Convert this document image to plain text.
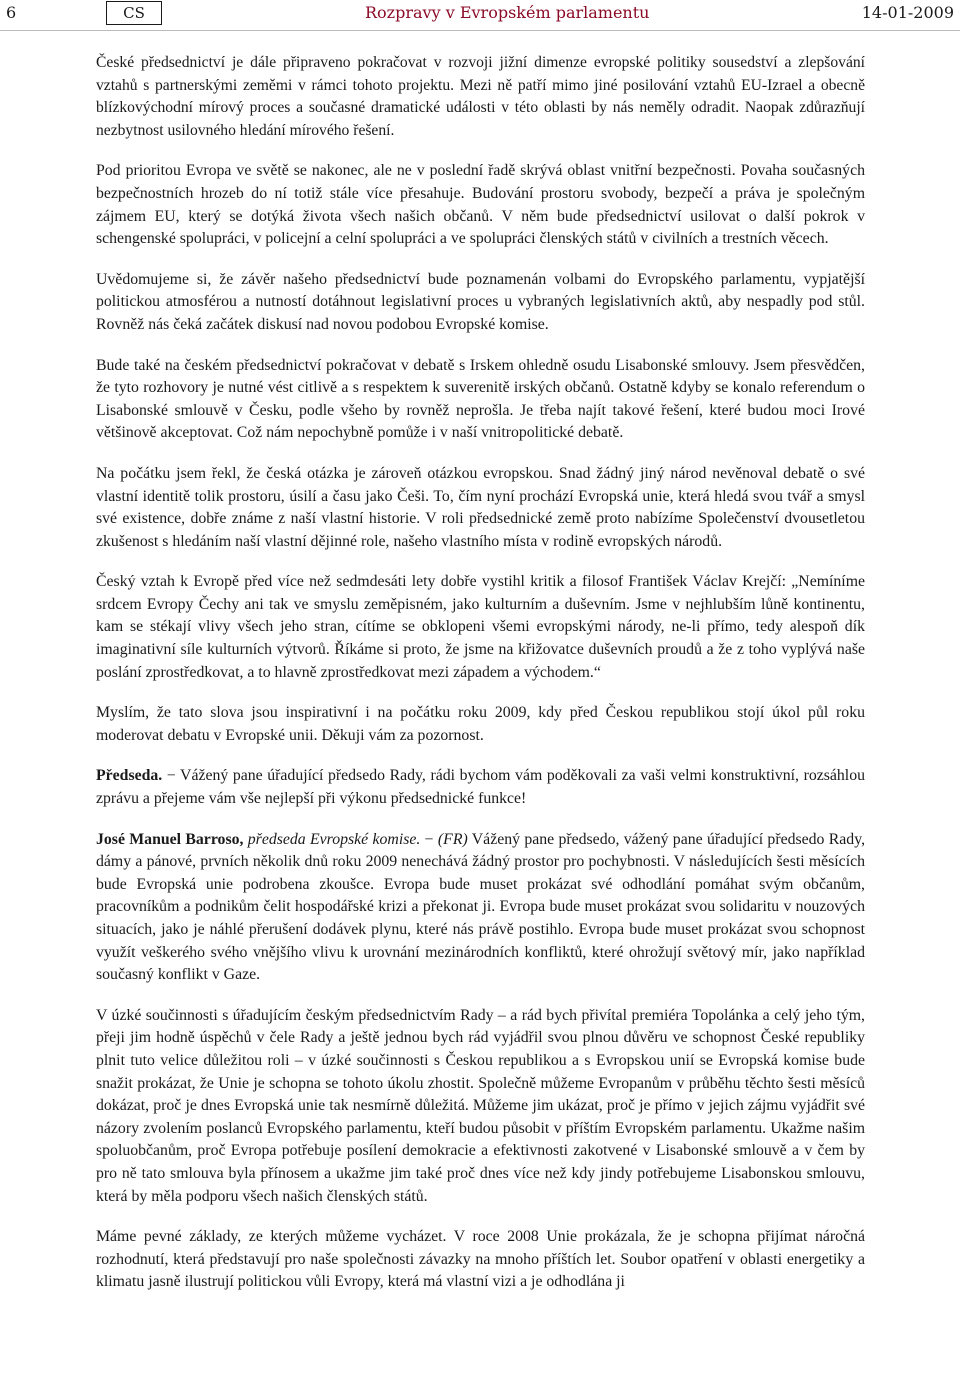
6	CS	Rozpravy v Evropském parlamentu	14-01-2009

České předsednictví je dále připraveno pokračovat v rozvoji jižní dimenze evropské politiky sousedství a zlepšování vztahů s partnerskými zeměmi v rámci tohoto projektu. Mezi ně patří mimo jiné posilování vztahů EU-Izrael a obecně blízkovýchodní mírový proces a současné dramatické události v této oblasti by nás neměly odradit. Naopak zdůrazňují nezbytnost usilovného hledání mírového řešení.

Pod prioritou Evropa ve světě se nakonec, ale ne v poslední řadě skrývá oblast vnitřní bezpečnosti. Povaha současných bezpečnostních hrozeb do ní totiž stále více přesahuje. Budování prostoru svobody, bezpečí a práva je společným zájmem EU, který se dotýká života všech našich občanů. V něm bude předsednictví usilovat o další pokrok v schengenské spolupráci, v policejní a celní spolupráci a ve spolupráci členských států v civilních a trestních věcech.

Uvědomujeme si, že závěr našeho předsednictví bude poznamenán volbami do Evropského parlamentu, vypjatější politickou atmosférou a nutností dotáhnout legislativní proces u vybraných legislativních aktů, aby nespadly pod stůl. Rovněž nás čeká začátek diskusí nad novou podobou Evropské komise.

Bude také na českém předsednictví pokračovat v debatě s Irskem ohledně osudu Lisabonské smlouvy. Jsem přesvědčen, že tyto rozhovory je nutné vést citlivě a s respektem k suverenitě irských občanů. Ostatně kdyby se konalo referendum o Lisabonské smlouvě v Česku, podle všeho by rovněž neprošla. Je třeba najít takové řešení, které budou moci Irové většinově akceptovat. Což nám nepochybně pomůže i v naší vnitropolitické debatě.

Na počátku jsem řekl, že česká otázka je zároveň otázkou evropskou. Snad žádný jiný národ nevěnoval debatě o své vlastní identitě tolik prostoru, úsilí a času jako Češi. To, čím nyní prochází Evropská unie, která hledá svou tvář a smysl své existence, dobře známe z naší vlastní historie. V roli předsednické země proto nabízíme Společenství dvousetletou zkušenost s hledáním naší vlastní dějinné role, našeho vlastního místa v rodině evropských národů.

Český vztah k Evropě před více než sedmdesáti lety dobře vystihl kritik a filosof František Václav Krejčí: „Nemíníme srdcem Evropy Čechy ani tak ve smyslu zeměpisném, jako kulturním a duševním. Jsme v nejhlubším lůně kontinentu, kam se stékají vlivy všech jeho stran, cítíme se obklopeni všemi evropskými národy, ne-li přímo, tedy alespoň dík imaginativní síle kulturních výtvorů. Říkáme si proto, že jsme na křižovatce duševních proudů a že z toho vyplývá naše poslání zprostředkovat, a to hlavně zprostředkovat mezi západem a východem.“

Myslím, že tato slova jsou inspirativní i na počátku roku 2009, kdy před Českou republikou stojí úkol půl roku moderovat debatu v Evropské unii. Děkuji vám za pozornost.

Předseda. − Vážený pane úřadující předsedo Rady, rádi bychom vám poděkovali za vaši velmi konstruktivní, rozsáhlou zprávu a přejeme vám vše nejlepší při výkonu předsednické funkce!

José Manuel Barroso, předseda Evropské komise. − (FR) Vážený pane předsedo, vážený pane úřadující předsedo Rady, dámy a pánové, prvních několik dnů roku 2009 nenechává žádný prostor pro pochybnosti. V následujících šesti měsících bude Evropská unie podrobena zkoušce. Evropa bude muset prokázat své odhodlání pomáhat svým občanům, pracovníkům a podnikům čelit hospodářské krizi a překonat ji. Evropa bude muset prokázat svou solidaritu v nouzových situacích, jako je náhlé přerušení dodávek plynu, které nás právě postihlo. Evropa bude muset prokázat svou schopnost využít veškerého svého vnějšího vlivu k urovnání mezinárodních konfliktů, které ohrožují světový mír, jako například současný konflikt v Gaze.

V úzké součinnosti s úřadujícím českým předsednictvím Rady – a rád bych přivítal premiéra Topolánka a celý jeho tým, přeji jim hodně úspěchů v čele Rady a ještě jednou bych rád vyjádřil svou plnou důvěru ve schopnost České republiky plnit tuto velice důležitou roli – v úzké součinnosti s Českou republikou a s Evropskou unií se Evropská komise bude snažit prokázat, že Unie je schopna se tohoto úkolu zhostit. Společně můžeme Evropanům v průběhu těchto šesti měsíců dokázat, proč je dnes Evropská unie tak nesmírně důležitá. Můžeme jim ukázat, proč je přímo v jejich zájmu vyjádřit své názory zvolením poslanců Evropského parlamentu, kteří budou působit v příštím Evropském parlamentu. Ukažme našim spoluobčanům, proč Evropa potřebuje posílení demokracie a efektivnosti zakotvené v Lisabonské smlouvě a v čem by pro ně tato smlouva byla přínosem a ukažme jim také proč dnes více než kdy jindy potřebujeme Lisabonskou smlouvu, která by měla podporu všech našich členských států.

Máme pevné základy, ze kterých můžeme vycházet. V roce 2008 Unie prokázala, že je schopna přijímat náročná rozhodnutí, která představují pro naše společnosti závazky na mnoho příštích let. Soubor opatření v oblasti energetiky a klimatu jasně ilustrují politickou vůli Evropy, která má vlastní vizi a je odhodlána ji
